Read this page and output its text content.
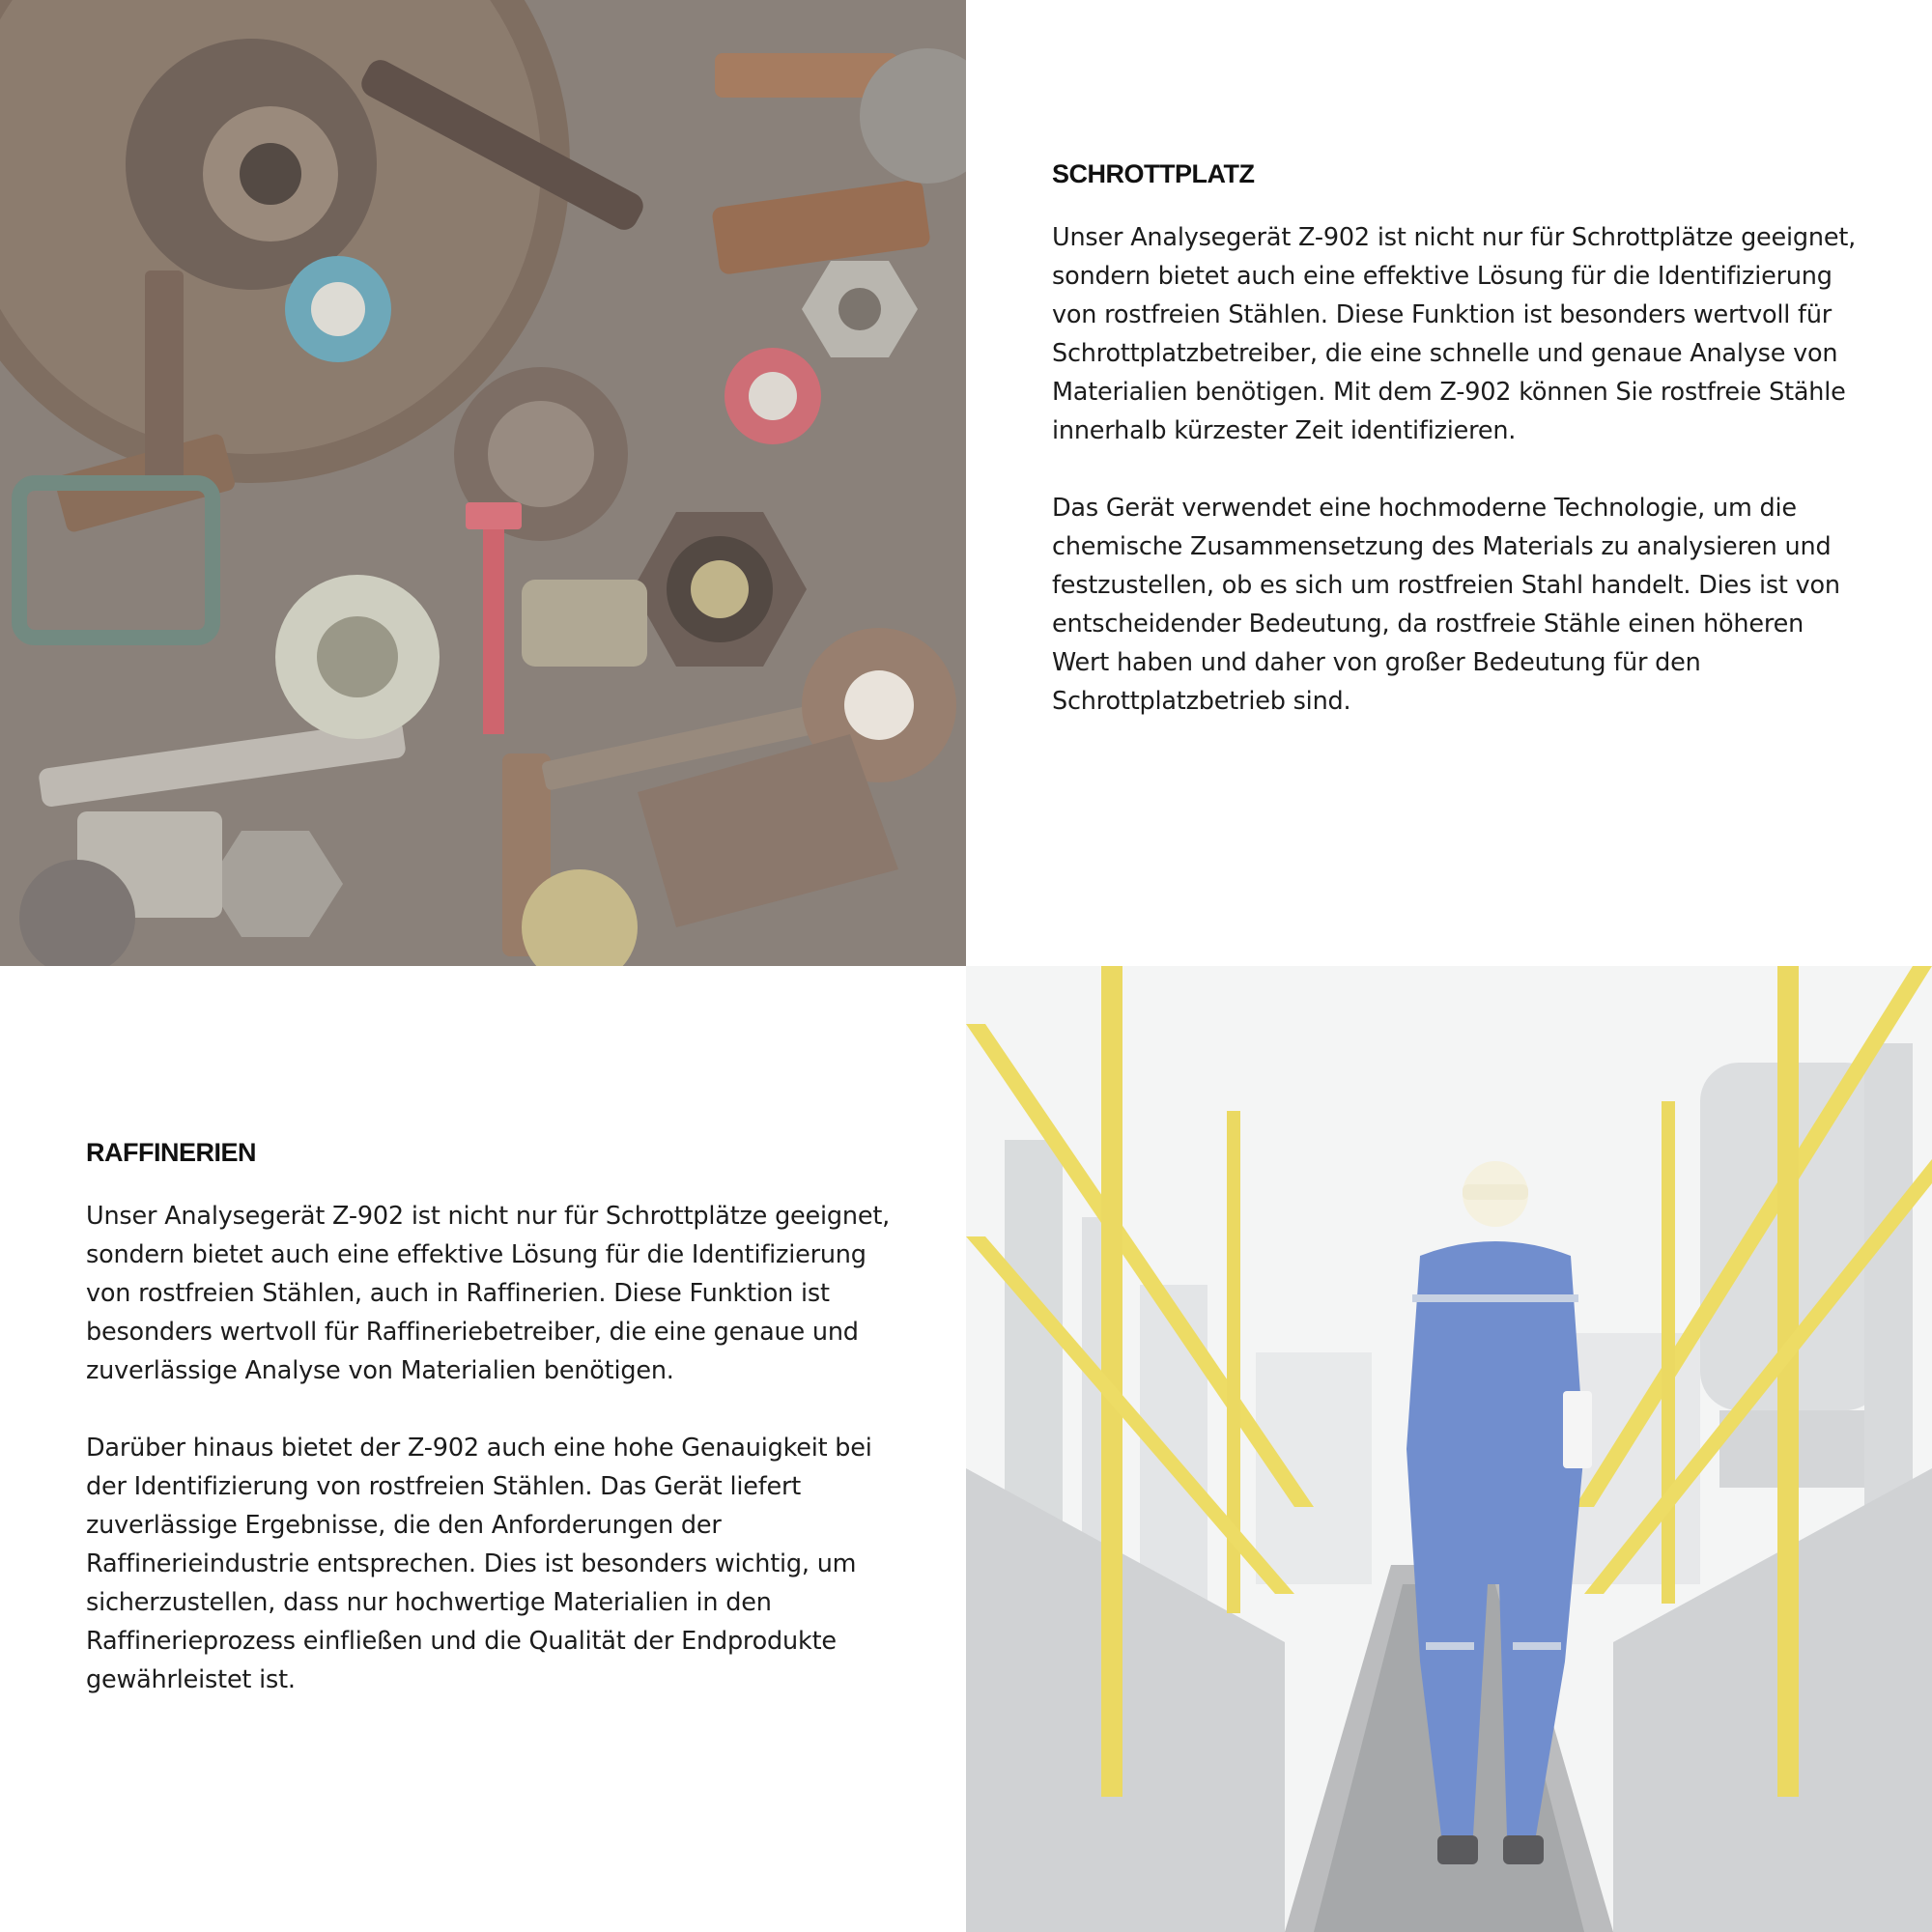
SCHROTTPLATZ

Unser Analysegerät Z-902 ist nicht nur für Schrottplätze geeignet, sondern bietet auch eine effektive Lösung für die Identifizierung von rostfreien Stählen. Diese Funktion ist besonders wertvoll für Schrottplatzbetreiber, die eine schnelle und genaue Analyse von Materialien benötigen. Mit dem Z-902 können Sie rostfreie Stähle innerhalb kürzester Zeit identifizieren.

Das Gerät verwendet eine hochmoderne Technologie, um die chemische Zusammensetzung des Materials zu analysieren und festzustellen, ob es sich um rostfreien Stahl handelt. Dies ist von entscheidender Bedeutung, da rostfreie Stähle einen höheren Wert haben und daher von großer Bedeutung für den Schrottplatzbetrieb sind.

RAFFINERIEN

Unser Analysegerät Z-902 ist nicht nur für Schrottplätze geeignet, sondern bietet auch eine effektive Lösung für die Identifizierung von rostfreien Stählen, auch in Raffinerien. Diese Funktion ist besonders wertvoll für Raffineriebetreiber, die eine genaue und zuverlässige Analyse von Materialien benötigen.

Darüber hinaus bietet der Z-902 auch eine hohe Genauigkeit bei der Identifizierung von rostfreien Stählen. Das Gerät liefert zuverlässige Ergebnisse, die den Anforderungen der Raffinerieindustrie entsprechen. Dies ist besonders wichtig, um sicherzustellen, dass nur hochwertige Materialien in den Raffinerieprozess einfließen und die Qualität der Endprodukte gewährleistet ist.
